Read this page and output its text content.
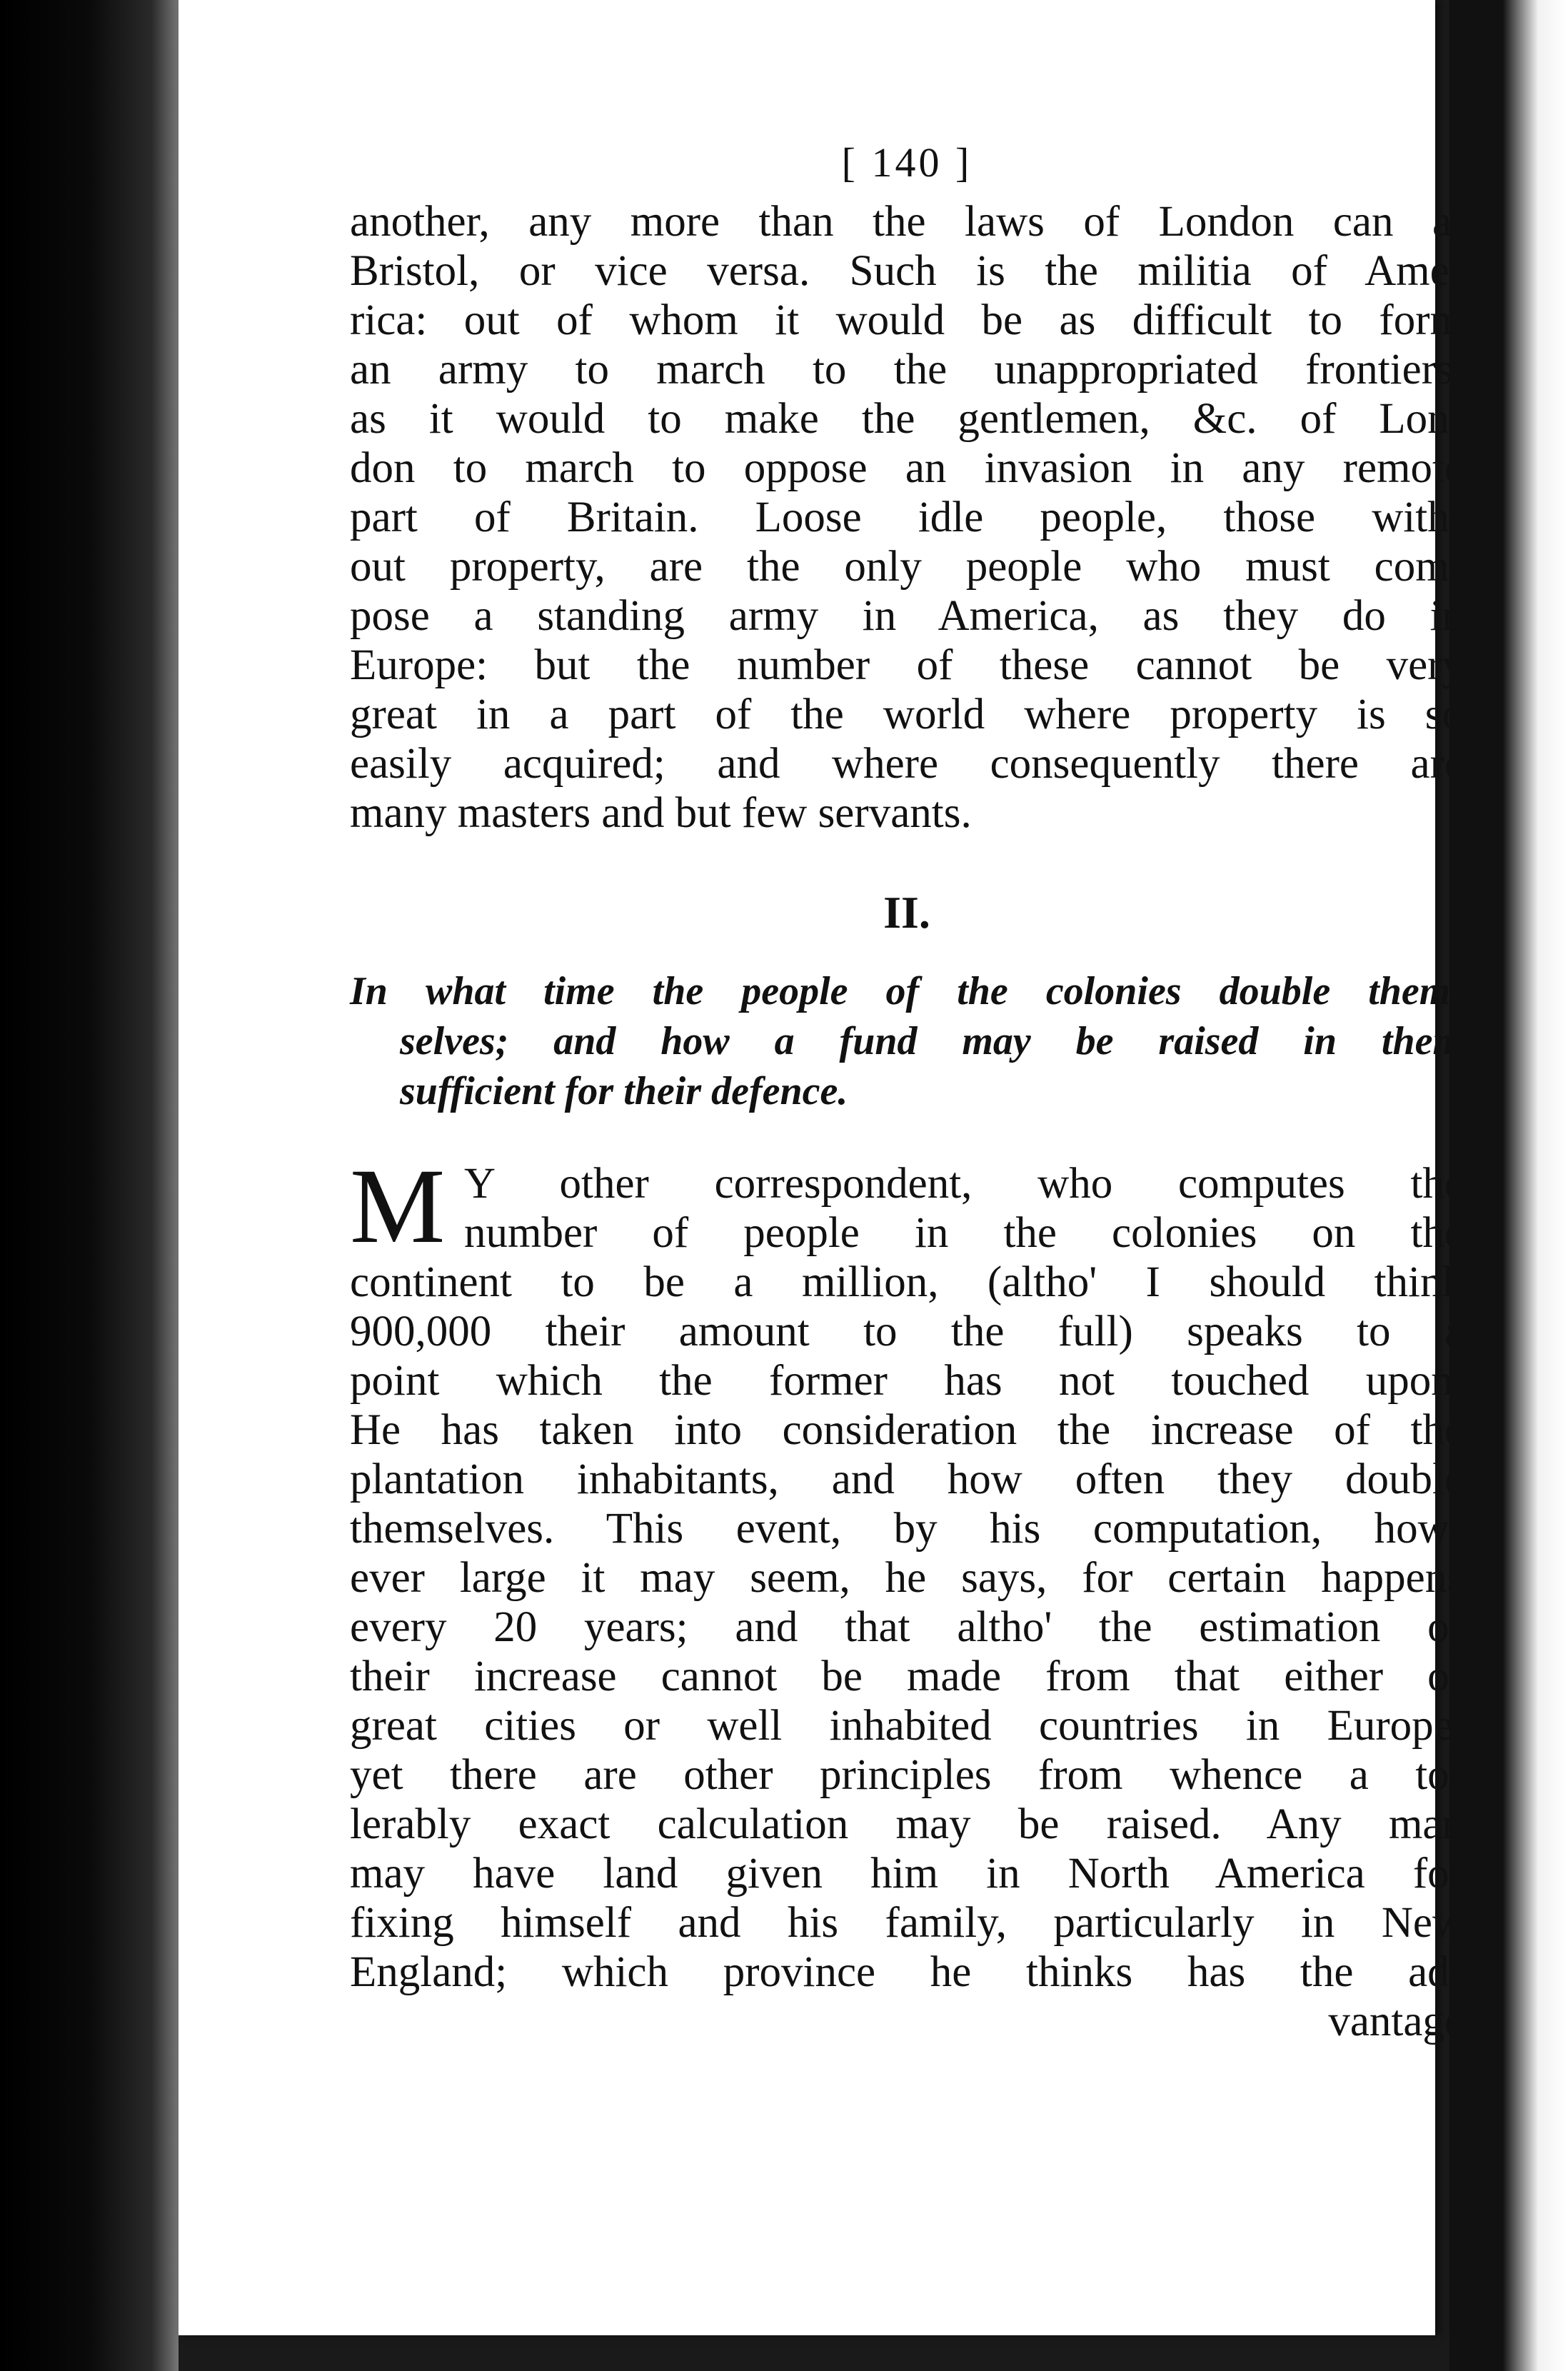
[ 140 ]
another, any more than the laws of London can at
Bristol, or vice versa. Such is the militia of Ame-
rica: out of whom it would be as difficult to form
an army to march to the unappropriated frontiers,
as it would to make the gentlemen, &c. of Lon-
don to march to oppose an invasion in any remote
part of Britain. Loose idle people, those with-
out property, are the only people who must com-
pose a standing army in America, as they do in
Europe: but the number of these cannot be very
great in a part of the world where property is so
easily acquired; and where consequently there are
many masters and but few servants.
II.
In what time the people of the colonies double them-
selves; and how a fund may be raised in them
sufficient for their defence.
M Y other correspondent, who computes the
number of people in the colonies on the
continent to be a million, (altho' I should think
900,000 their amount to the full) speaks to a
point which the former has not touched upon.
He has taken into consideration the increase of the
plantation inhabitants, and how often they double
themselves. This event, by his computation, how-
ever large it may seem, he says, for certain happens
every 20 years; and that altho' the estimation of
their increase cannot be made from that either of
great cities or well inhabited countries in Europe,
yet there are other principles from whence a to-
lerably exact calculation may be raised. Any man
may have land given him in North America for
fixing himself and his family, particularly in New
England; which province he thinks has the ad-
vantage
